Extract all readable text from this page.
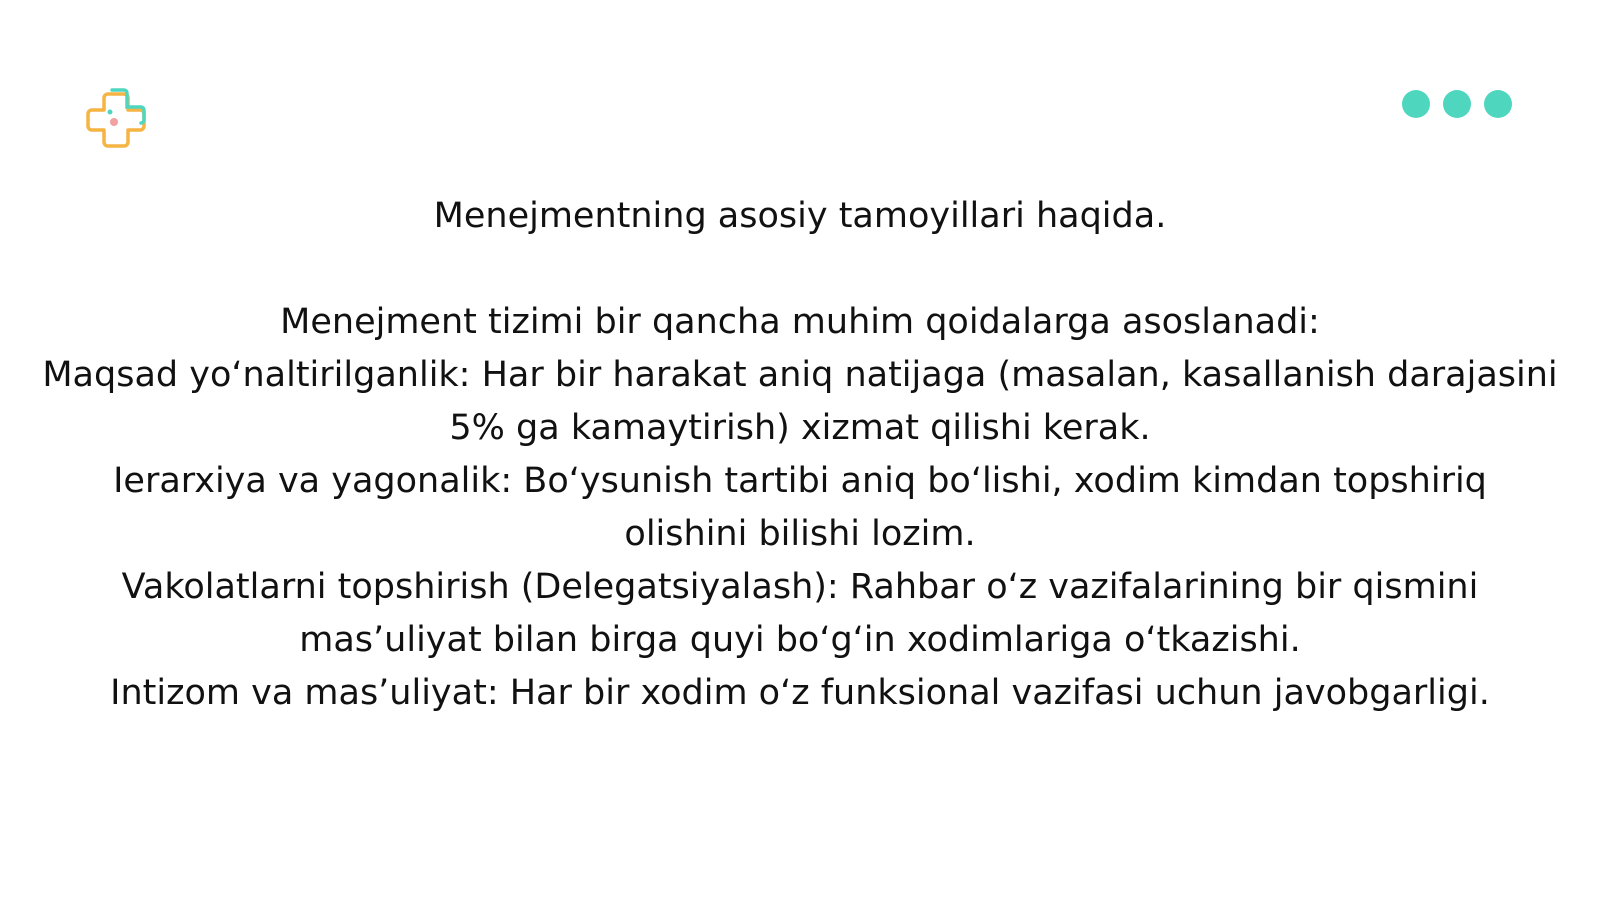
Menejmentning asosiy tamoyillari haqida.
Menejment tizimi bir qancha muhim qoidalarga asoslanadi:
Maqsad yo‘naltirilganlik: Har bir harakat aniq natijaga (masalan, kasallanish darajasini 5% ga kamaytirish) xizmat qilishi kerak.
Ierarxiya va yagonalik: Bo‘ysunish tartibi aniq bo‘lishi, xodim kimdan topshiriq olishini bilishi lozim.
Vakolatlarni topshirish (Delegatsiyalash): Rahbar o‘z vazifalarining bir qismini mas’uliyat bilan birga quyi bo‘g‘in xodimlariga o‘tkazishi.
Intizom va mas’uliyat: Har bir xodim o‘z funksional vazifasi uchun javobgarligi.
